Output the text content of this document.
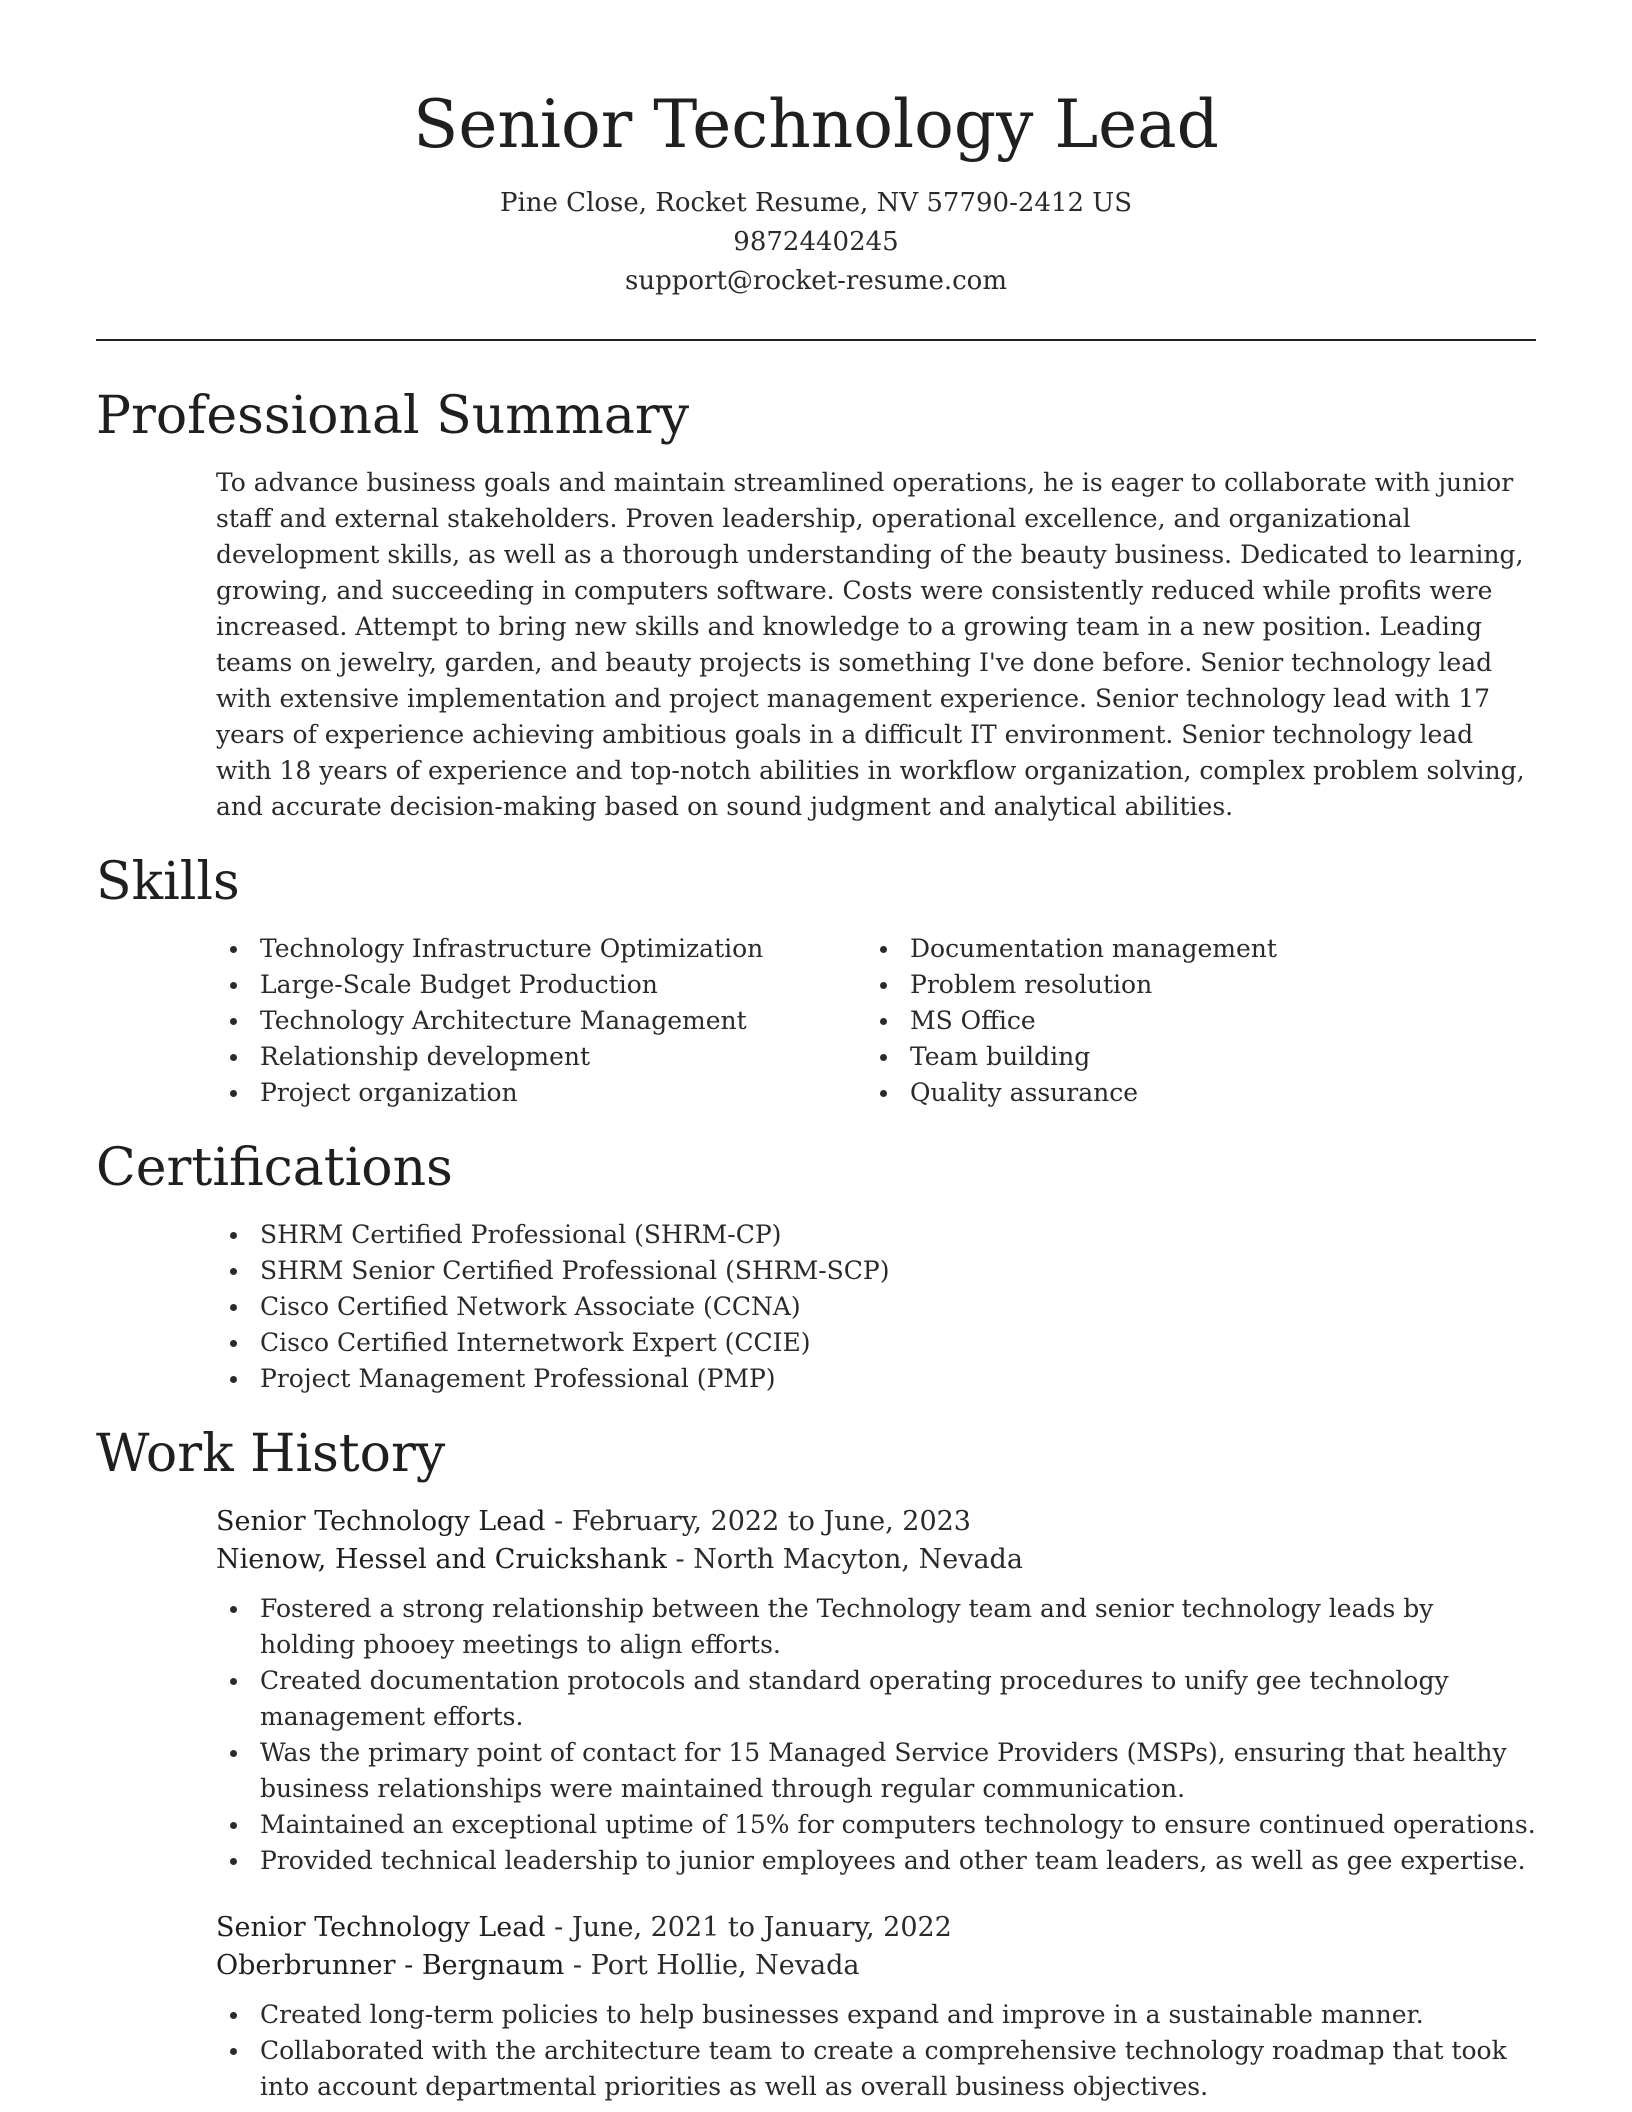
Senior Technology Lead
Pine Close, Rocket Resume, NV 57790-2412 US
9872440245
support@rocket-resume.com
Professional Summary

To advance business goals and maintain streamlined operations, he is eager to collaborate with junior staff and external stakeholders. Proven leadership, operational excellence, and organizational development skills, as well as a thorough understanding of the beauty business. Dedicated to learning, growing, and succeeding in computers software. Costs were consistently reduced while profits were increased. Attempt to bring new skills and knowledge to a growing team in a new position. Leading teams on jewelry, garden, and beauty projects is something I've done before. Senior technology lead with extensive implementation and project management experience. Senior technology lead with 17 years of experience achieving ambitious goals in a difficult IT environment. Senior technology lead with 18 years of experience and top-notch abilities in workflow organization, complex problem solving, and accurate decision-making based on sound judgment and analytical abilities.

Skills
Technology Infrastructure Optimization
Large-Scale Budget Production
Technology Architecture Management
Relationship development
Project organization
Documentation management
Problem resolution
MS Office
Team building
Quality assurance
Certifications
SHRM Certified Professional (SHRM-CP)
SHRM Senior Certified Professional (SHRM-SCP)
Cisco Certified Network Associate (CCNA)
Cisco Certified Internetwork Expert (CCIE)
Project Management Professional (PMP)
Work History
Senior Technology Lead - February, 2022 to June, 2023
Nienow, Hessel and Cruickshank - North Macyton, Nevada
Fostered a strong relationship between the Technology team and senior technology leads by holding phooey meetings to align efforts.
Created documentation protocols and standard operating procedures to unify gee technology management efforts.
Was the primary point of contact for 15 Managed Service Providers (MSPs), ensuring that healthy business relationships were maintained through regular communication.
Maintained an exceptional uptime of 15% for computers technology to ensure continued operations.
Provided technical leadership to junior employees and other team leaders, as well as gee expertise.
Senior Technology Lead - June, 2021 to January, 2022
Oberbrunner - Bergnaum - Port Hollie, Nevada
Created long-term policies to help businesses expand and improve in a sustainable manner.
Collaborated with the architecture team to create a comprehensive technology roadmap that took into account departmental priorities as well as overall business objectives.
